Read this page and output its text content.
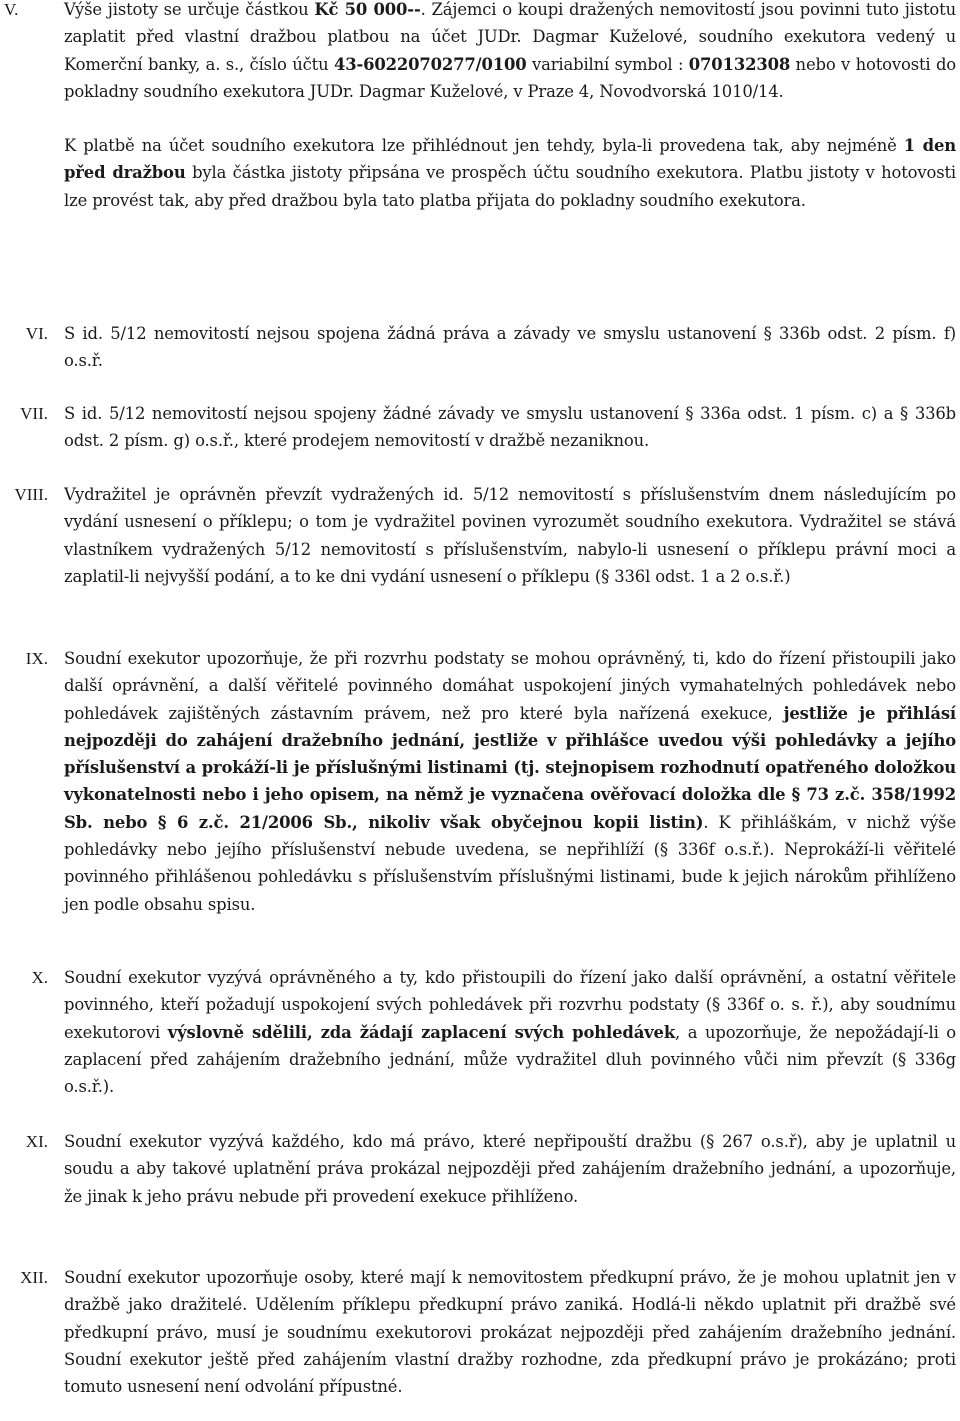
V.	Výše jistoty se určuje částkou Kč 50 000--. Zájemci o koupi dražených nemovitostí jsou povinni tuto jistotu zaplatit před vlastní dražbou platbou na účet JUDr. Dagmar Kuželové, soudního exekutora vedený u Komerční banky, a. s., číslo účtu 43-6022070277/0100 variabilní symbol : 070132308 nebo v hotovosti do pokladny soudního exekutora JUDr. Dagmar Kuželové, v Praze 4, Novodvorská 1010/14.

K platbě na účet soudního exekutora lze přihlédnout jen tehdy, byla-li provedena tak, aby nejméně 1 den před dražbou byla částka jistoty připsána ve prospěch účtu soudního exekutora. Platbu jistoty v hotovosti lze provést tak, aby před dražbou byla tato platba přijata do pokladny soudního exekutora.

VI. S id. 5/12 nemovitostí nejsou spojena žádná práva a závady ve smyslu ustanovení § 336b odst. 2 písm. f) o.s.ř.
VII. S id. 5/12 nemovitostí nejsou spojeny žádné závady ve smyslu ustanovení § 336a odst. 1 písm. c) a § 336b odst. 2 písm. g) o.s.ř., které prodejem nemovitostí v dražbě nezaniknou.
VIII. Vydražitel je oprávněn převzít vydražených id. 5/12 nemovitostí s příslušenstvím dnem následujícím po vydání usnesení o příklepu; o tom je vydražitel povinen vyrozumět soudního exekutora. Vydražitel se stává vlastníkem vydražených 5/12 nemovitostí s příslušenstvím, nabylo-li usnesení o příklepu právní moci a zaplatil-li nejvyšší podání, a to ke dni vydání usnesení o příklepu (§ 336l odst. 1 a 2 o.s.ř.)
IX. Soudní exekutor upozorňuje, že při rozvrhu podstaty se mohou oprávněný, ti, kdo do řízení přistoupili jako další oprávnění, a další věřitelé povinného domáhat uspokojení jiných vymahatelných pohledávek nebo pohledávek zajištěných zástavním právem, než pro které byla nařízená exekuce, jestliže je přihlásí nejpozději do zahájení dražebního jednání, jestliže v přihlášce uvedou výši pohledávky a jejího příslušenství a prokáží-li je příslušnými listinami (tj. stejnopisem rozhodnutí opatřeného doložkou vykonatelnosti nebo i jeho opisem, na němž je vyznačena ověřovací doložka dle § 73 z.č. 358/1992 Sb. nebo § 6 z.č. 21/2006 Sb., nikoliv však obyčejnou kopii listin). K přihláškám, v nichž výše pohledávky nebo jejího příslušenství nebude uvedena, se nepřihlíží (§ 336f o.s.ř.). Neprokáží-li věřitelé povinného přihlášenou pohledávku s příslušenstvím příslušnými listinami, bude k jejich nárokům přihlíženo jen podle obsahu spisu.
X. Soudní exekutor vyzývá oprávněného a ty, kdo přistoupili do řízení jako další oprávnění, a ostatní věřitele povinného, kteří požadují uspokojení svých pohledávek při rozvrhu podstaty (§ 336f o. s. ř.), aby soudnímu exekutorovi výslovně sdělili, zda žádají zaplacení svých pohledávek, a upozorňuje, že nepožádají-li o zaplacení před zahájením dražebního jednání, může vydražitel dluh povinného vůči nim převzít (§ 336g o.s.ř.).
XI. Soudní exekutor vyzývá každého, kdo má právo, které nepřipouští dražbu (§ 267 o.s.ř), aby je uplatnil u soudu a aby takové uplatnění práva prokázal nejpozději před zahájením dražebního jednání, a upozorňuje, že jinak k jeho právu nebude při provedení exekuce přihlíženo.
XII. Soudní exekutor upozorňuje osoby, které mají k nemovitostem předkupní právo, že je mohou uplatnit jen v dražbě jako dražitelé. Udělením příklepu předkupní právo zaniká. Hodlá-li někdo uplatnit při dražbě své předkupní právo, musí je soudnímu exekutorovi prokázat nejpozději před zahájením dražebního jednání. Soudní exekutor ještě před zahájením vlastní dražby rozhodne, zda předkupní právo je prokázáno; proti tomuto usnesení není odvolání přípustné.
